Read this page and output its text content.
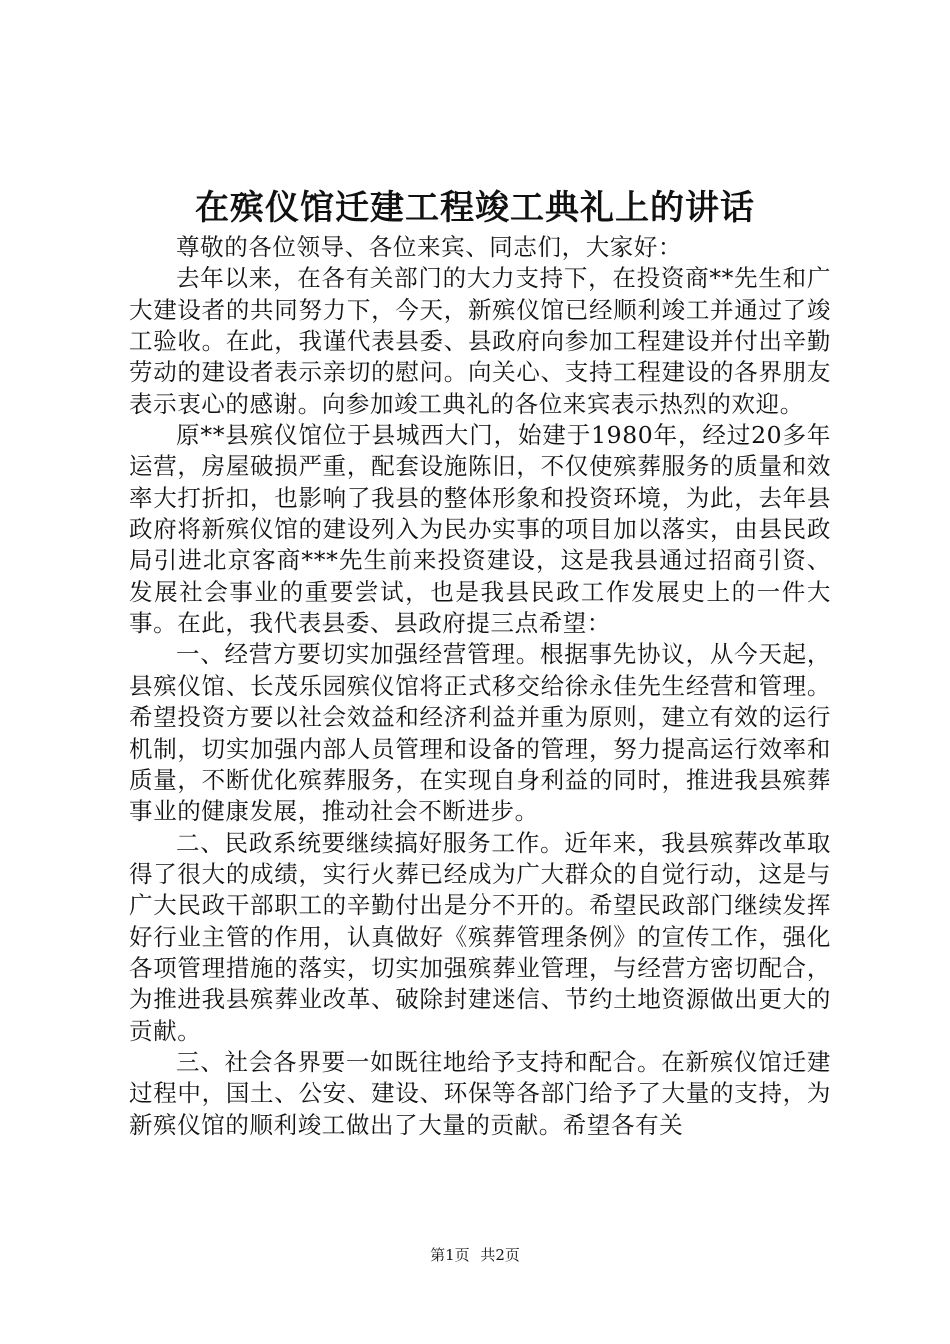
在殡仪馆迁建工程竣工典礼上的讲话

尊敬的各位领导、各位来宾、同志们，大家好：

去年以来，在各有关部门的大力支持下，在投资商**先生和广大建设者的共同努力下，今天，新殡仪馆已经顺利竣工并通过了竣工验收。在此，我谨代表县委、县政府向参加工程建设并付出辛勤劳动的建设者表示亲切的慰问。向关心、支持工程建设的各界朋友表示衷心的感谢。向参加竣工典礼的各位来宾表示热烈的欢迎。

原**县殡仪馆位于县城西大门，始建于1980年，经过20多年运营，房屋破损严重，配套设施陈旧，不仅使殡葬服务的质量和效率大打折扣，也影响了我县的整体形象和投资环境，为此，去年县政府将新殡仪馆的建设列入为民办实事的项目加以落实，由县民政局引进北京客商***先生前来投资建设，这是我县通过招商引资、发展社会事业的重要尝试，也是我县民政工作发展史上的一件大事。在此，我代表县委、县政府提三点希望：

一、经营方要切实加强经营管理。根据事先协议，从今天起，县殡仪馆、长茂乐园殡仪馆将正式移交给徐永佳先生经营和管理。希望投资方要以社会效益和经济利益并重为原则，建立有效的运行机制，切实加强内部人员管理和设备的管理，努力提高运行效率和质量，不断优化殡葬服务，在实现自身利益的同时，推进我县殡葬事业的健康发展，推动社会不断进步。

二、民政系统要继续搞好服务工作。近年来，我县殡葬改革取得了很大的成绩，实行火葬已经成为广大群众的自觉行动，这是与广大民政干部职工的辛勤付出是分不开的。希望民政部门继续发挥好行业主管的作用，认真做好《殡葬管理条例》的宣传工作，强化各项管理措施的落实，切实加强殡葬业管理，与经营方密切配合，为推进我县殡葬业改革、破除封建迷信、节约土地资源做出更大的贡献。

三、社会各界要一如既往地给予支持和配合。在新殡仪馆迁建过程中，国土、公安、建设、环保等各部门给予了大量的支持，为新殡仪馆的顺利竣工做出了大量的贡献。希望各有关

第1页 共2页
